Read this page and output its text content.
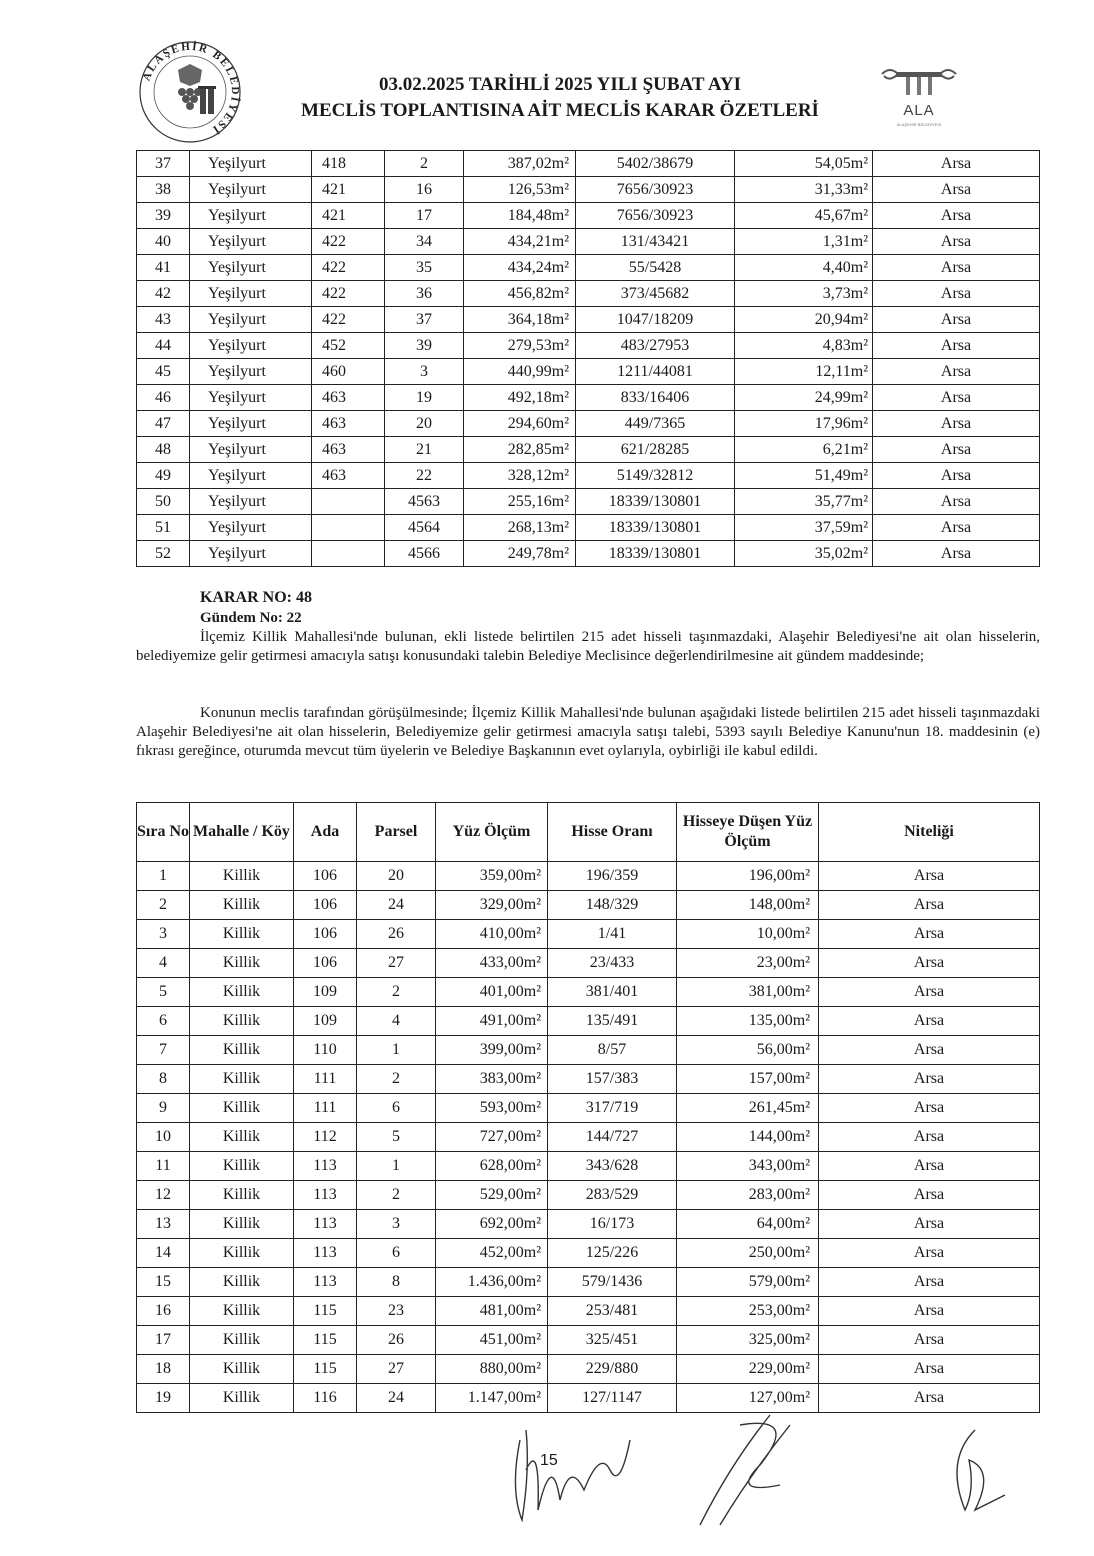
ALAŞEHİR BELEDİYESİ
03.02.2025 TARİHLİ 2025 YILI ŞUBAT AYI
MECLİS TOPLANTISINA AİT MECLİS KARAR ÖZETLERİ	ALA
ALAŞEHİR BELEDİYESİ
37	Yeşilyurt	418	2	387,02m²	5402/38679	54,05m²	Arsa
38	Yeşilyurt	421	16	126,53m²	7656/30923	31,33m²	Arsa
39	Yeşilyurt	421	17	184,48m²	7656/30923	45,67m²	Arsa
40	Yeşilyurt	422	34	434,21m²	131/43421	1,31m²	Arsa
41	Yeşilyurt	422	35	434,24m²	55/5428	4,40m²	Arsa
42	Yeşilyurt	422	36	456,82m²	373/45682	3,73m²	Arsa
43	Yeşilyurt	422	37	364,18m²	1047/18209	20,94m²	Arsa
44	Yeşilyurt	452	39	279,53m²	483/27953	4,83m²	Arsa
45	Yeşilyurt	460	3	440,99m²	1211/44081	12,11m²	Arsa
46	Yeşilyurt	463	19	492,18m²	833/16406	24,99m²	Arsa
47	Yeşilyurt	463	20	294,60m²	449/7365	17,96m²	Arsa
48	Yeşilyurt	463	21	282,85m²	621/28285	6,21m²	Arsa
49	Yeşilyurt	463	22	328,12m²	5149/32812	51,49m²	Arsa
50	Yeşilyurt		4563	255,16m²	18339/130801	35,77m²	Arsa
51	Yeşilyurt		4564	268,13m²	18339/130801	37,59m²	Arsa
52	Yeşilyurt		4566	249,78m²	18339/130801	35,02m²	Arsa
KARAR NO: 48
Gündem No: 22
İlçemiz Killik Mahallesi'nde bulunan, ekli listede belirtilen 215 adet hisseli taşınmazdaki, Alaşehir Belediyesi'ne ait olan hisselerin, belediyemize gelir getirmesi amacıyla satışı konusundaki talebin Belediye Meclisince değerlendirilmesine ait gündem maddesinde;
Konunun meclis tarafından görüşülmesinde; İlçemiz Killik Mahallesi'nde bulunan aşağıdaki listede belirtilen 215 adet hisseli taşınmazdaki Alaşehir Belediyesi'ne ait olan hisselerin, Belediyemize gelir getirmesi amacıyla satışı talebi, 5393 sayılı Belediye Kanunu'nun 18. maddesinin (e) fıkrası gereğince, oturumda mevcut tüm üyelerin ve Belediye Başkanının evet oylarıyla, oybirliği ile kabul edildi.
Sıra No	Mahalle / Köy	Ada	Parsel	Yüz Ölçüm	Hisse Oranı	Hisseye Düşen Yüz Ölçüm	Niteliği
1	Killik	106	20	359,00m²	196/359	196,00m²	Arsa
2	Killik	106	24	329,00m²	148/329	148,00m²	Arsa
3	Killik	106	26	410,00m²	1/41	10,00m²	Arsa
4	Killik	106	27	433,00m²	23/433	23,00m²	Arsa
5	Killik	109	2	401,00m²	381/401	381,00m²	Arsa
6	Killik	109	4	491,00m²	135/491	135,00m²	Arsa
7	Killik	110	1	399,00m²	8/57	56,00m²	Arsa
8	Killik	111	2	383,00m²	157/383	157,00m²	Arsa
9	Killik	111	6	593,00m²	317/719	261,45m²	Arsa
10	Killik	112	5	727,00m²	144/727	144,00m²	Arsa
11	Killik	113	1	628,00m²	343/628	343,00m²	Arsa
12	Killik	113	2	529,00m²	283/529	283,00m²	Arsa
13	Killik	113	3	692,00m²	16/173	64,00m²	Arsa
14	Killik	113	6	452,00m²	125/226	250,00m²	Arsa
15	Killik	113	8	1.436,00m²	579/1436	579,00m²	Arsa
16	Killik	115	23	481,00m²	253/481	253,00m²	Arsa
17	Killik	115	26	451,00m²	325/451	325,00m²	Arsa
18	Killik	115	27	880,00m²	229/880	229,00m²	Arsa
19	Killik	116	24	1.147,00m²	127/1147	127,00m²	Arsa
15
